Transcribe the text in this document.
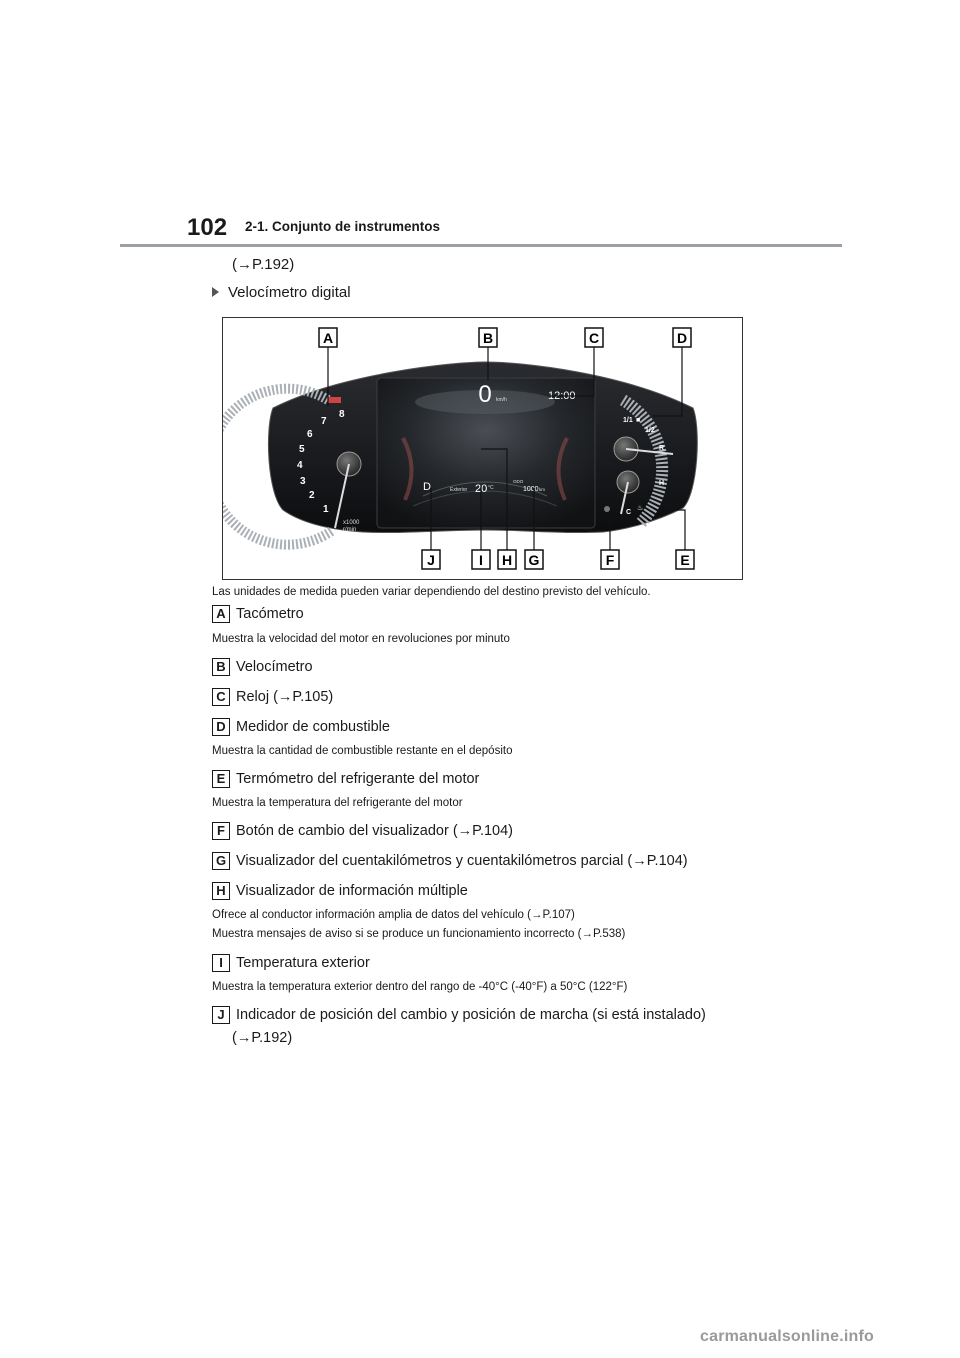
102 2-1. Conjunto de instrumentos
(→P.192)
Velocímetro digital
1
2
3
4
5
6
7
8
x1000
r/min
1/1
1/2
R
H
C
■
♨
0 km/h	12:00
D	Exterior 20 °C
ODO
1000 km
A	B	C	D
J	I H G	F	E
Las unidades de medida pueden variar dependiendo del destino previsto del vehículo.
A Tacómetro
Muestra la velocidad del motor en revoluciones por minuto
B Velocímetro
C Reloj (→P.105)
D Medidor de combustible
Muestra la cantidad de combustible restante en el depósito
E Termómetro del refrigerante del motor
Muestra la temperatura del refrigerante del motor
F Botón de cambio del visualizador (→P.104)
G Visualizador del cuentakilómetros y cuentakilómetros parcial (→P.104)
H Visualizador de información múltiple
Ofrece al conductor información amplia de datos del vehículo (→P.107)
Muestra mensajes de aviso si se produce un funcionamiento incorrecto (→P.538)
I Temperatura exterior
Muestra la temperatura exterior dentro del rango de -40°C (-40°F) a 50°C (122°F)
J Indicador de posición del cambio y posición de marcha (si está instalado)
(→P.192)
carmanualsonline.info
